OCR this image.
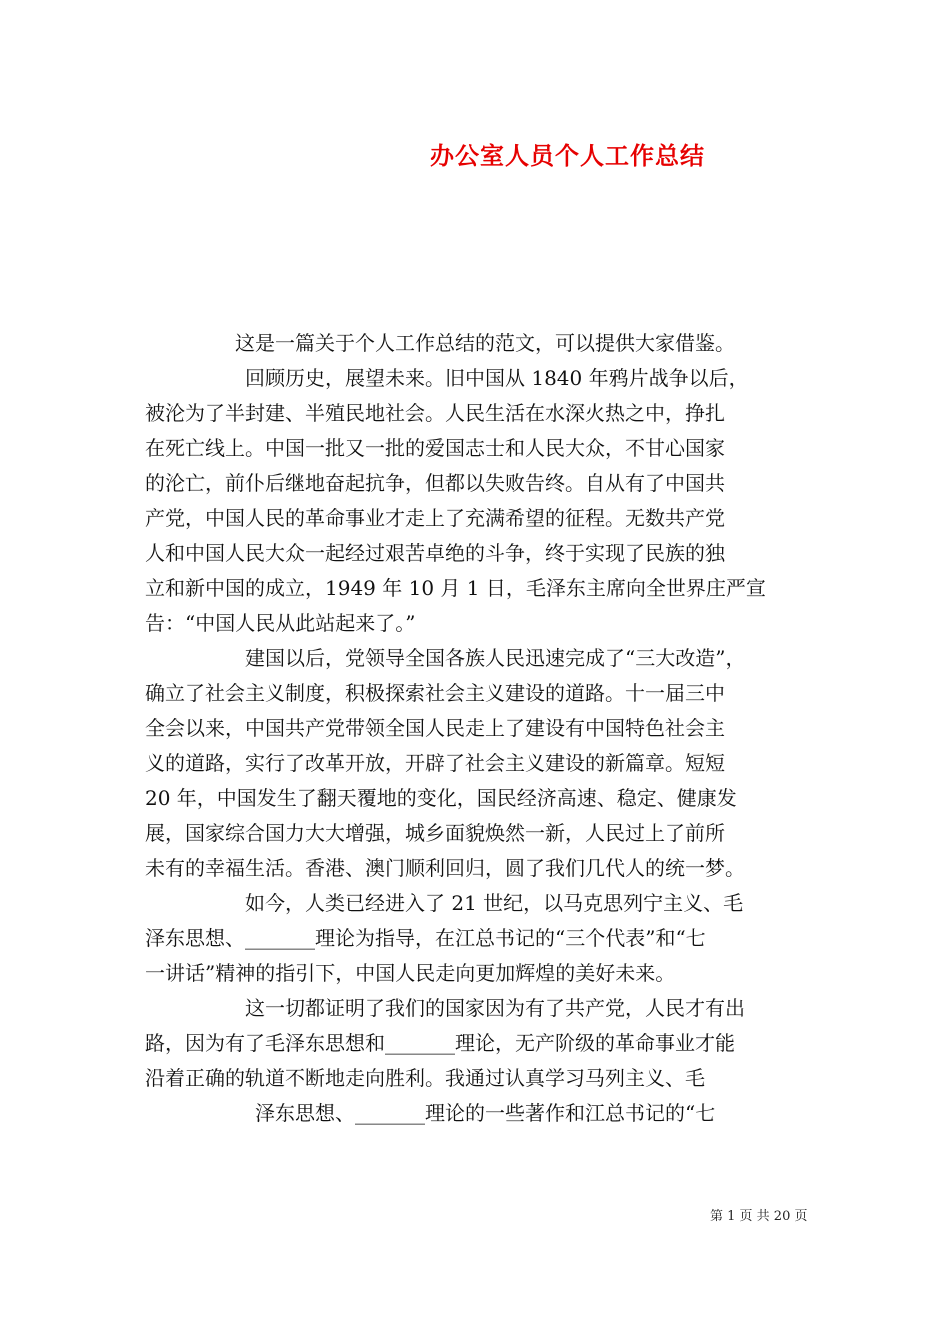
办公室人员个人工作总结
这是一篇关于个人工作总结的范文，可以提供大家借鉴。
回顾历史，展望未来。旧中国从 1840 年鸦片战争以后，
被沦为了半封建、半殖民地社会。人民生活在水深火热之中，挣扎
在死亡线上。中国一批又一批的爱国志士和人民大众，不甘心国家
的沦亡，前仆后继地奋起抗争，但都以失败告终。自从有了中国共
产党，中国人民的革命事业才走上了充满希望的征程。无数共产党
人和中国人民大众一起经过艰苦卓绝的斗争，终于实现了民族的独
立和新中国的成立，1949 年 10 月 1 日，毛泽东主席向全世界庄严宣
告：“中国人民从此站起来了。”
建国以后，党领导全国各族人民迅速完成了“三大改造”，
确立了社会主义制度，积极探索社会主义建设的道路。十一届三中
全会以来，中国共产党带领全国人民走上了建设有中国特色社会主
义的道路，实行了改革开放，开辟了社会主义建设的新篇章。短短
20 年，中国发生了翻天覆地的变化，国民经济高速、稳定、健康发
展，国家综合国力大大增强，城乡面貌焕然一新，人民过上了前所
未有的幸福生活。香港、澳门顺利回归，圆了我们几代人的统一梦。
如今，人类已经进入了 21 世纪，以马克思列宁主义、毛
泽东思想、_______理论为指导，在江总书记的“三个代表”和“七
一讲话”精神的指引下，中国人民走向更加辉煌的美好未来。
这一切都证明了我们的国家因为有了共产党，人民才有出
路，因为有了毛泽东思想和_______理论，无产阶级的革命事业才能
沿着正确的轨道不断地走向胜利。我通过认真学习马列主义、毛
泽东思想、_______理论的一些著作和江总书记的“七
第 1 页 共 20 页
